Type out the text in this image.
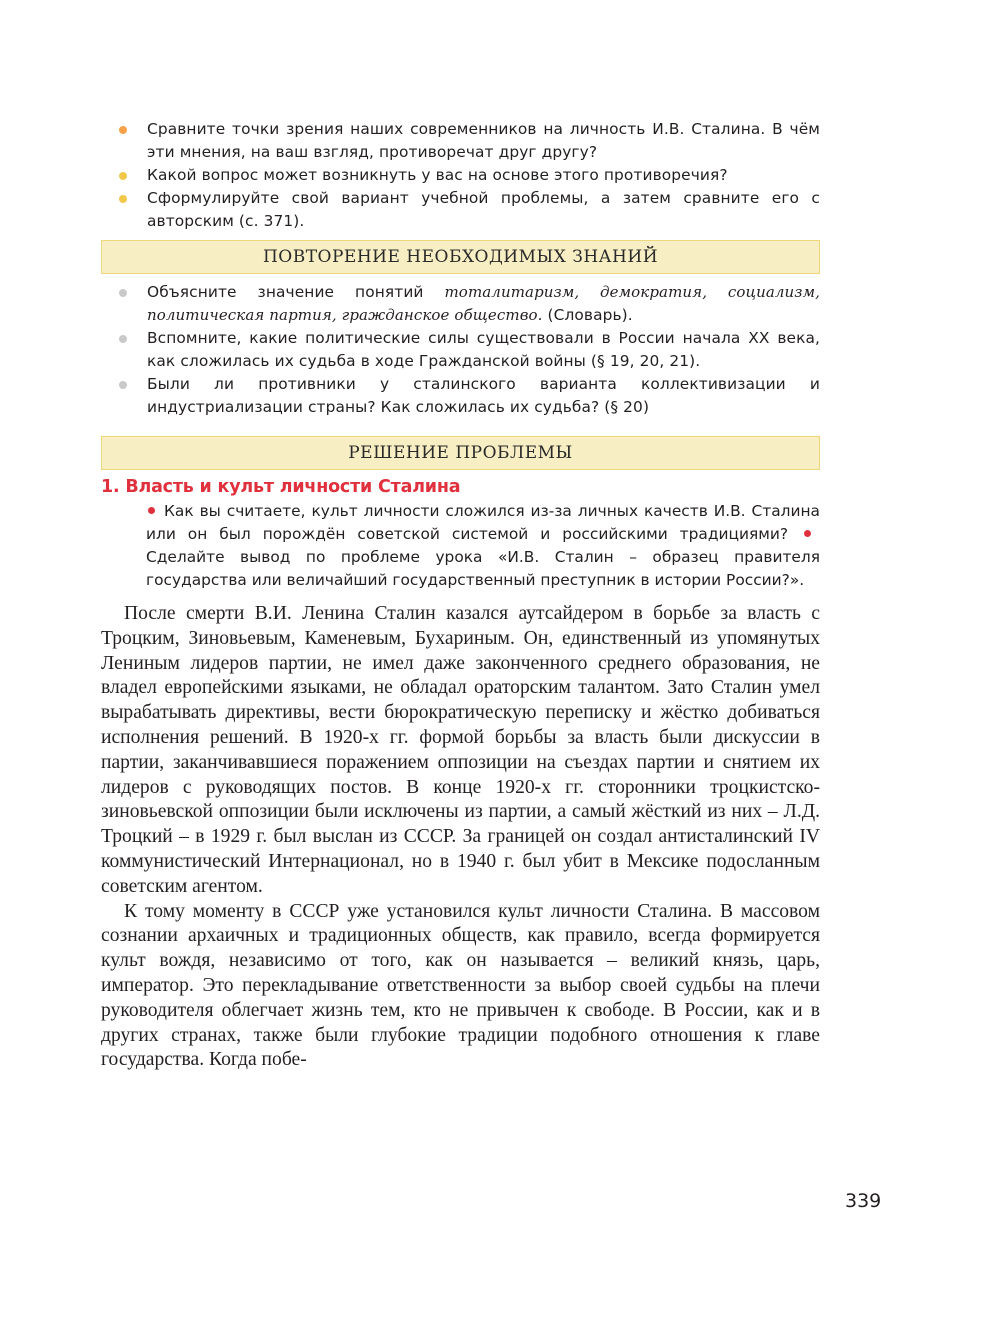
Сравните точки зрения наших современников на личность И.В. Сталина. В чём эти мнения, на ваш взгляд, противоречат друг другу?
Какой вопрос может возникнуть у вас на основе этого противоречия?
Сформулируйте свой вариант учебной проблемы, а затем сравните его с авторским (с. 371).
ПОВТОРЕНИЕ НЕОБХОДИМЫХ ЗНАНИЙ
Объясните значение понятий тоталитаризм, демократия, социализм, политическая партия, гражданское общество. (Словарь).
Вспомните, какие политические силы существовали в России начала XX века, как сложилась их судьба в ходе Гражданской войны (§ 19, 20, 21).
Были ли противники у сталинского варианта коллективизации и индустриализации страны? Как сложилась их судьба? (§ 20)
РЕШЕНИЕ ПРОБЛЕМЫ
1. Власть и культ личности Сталина
Как вы считаете, культ личности сложился из-за личных качеств И.В. Сталина или он был порождён советской системой и российскими традициями? Сделайте вывод по проблеме урока «И.В. Сталин – образец правителя государства или величайший государственный преступник в истории России?».

После смерти В.И. Ленина Сталин казался аутсайдером в борьбе за власть с Троцким, Зиновьевым, Каменевым, Бухариным. Он, единственный из упомянутых Лениным лидеров партии, не имел даже законченного среднего образования, не владел европейскими языками, не обладал ораторским талантом. Зато Сталин умел вырабатывать директивы, вести бюрократическую переписку и жёстко добиваться исполнения решений. В 1920-х гг. формой борьбы за власть были дискуссии в партии, заканчивавшиеся поражением оппозиции на съездах партии и снятием их лидеров с руководящих постов. В конце 1920-х гг. сторонники троцкистско-зиновьевской оппозиции были исключены из партии, а самый жёсткий из них – Л.Д. Троцкий – в 1929 г. был выслан из СССР. За границей он создал антисталинский IV коммунистический Интернационал, но в 1940 г. был убит в Мексике подосланным советским агентом.

К тому моменту в СССР уже установился культ личности Сталина. В массовом сознании архаичных и традиционных обществ, как правило, всегда формируется культ вождя, независимо от того, как он называется – великий князь, царь, император. Это перекладывание ответственности за выбор своей судьбы на плечи руководителя облегчает жизнь тем, кто не привычен к свободе. В России, как и в других странах, также были глубокие традиции подобного отношения к главе государства. Когда побе-

339
